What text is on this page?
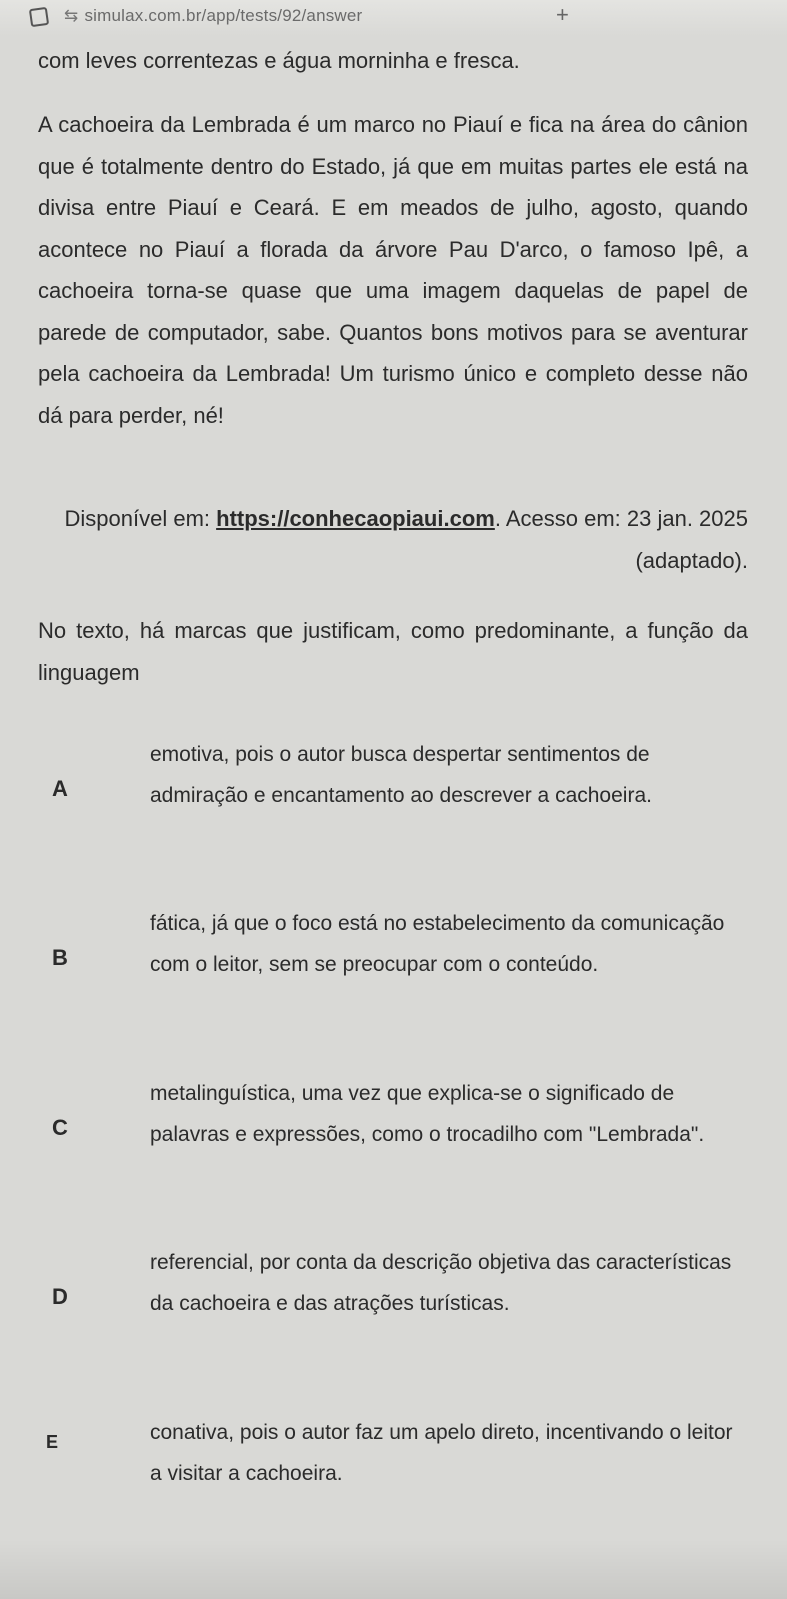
⇆ simulax.com.br/app/tests/92/answer	+

com leves correntezas e água morninha e fresca.

A cachoeira da Lembrada é um marco no Piauí e fica na área do cânion que é totalmente dentro do Estado, já que em muitas partes ele está na divisa entre Piauí e Ceará. E em meados de julho, agosto, quando acontece no Piauí a florada da árvore Pau D'arco, o famoso Ipê, a cachoeira torna-se quase que uma imagem daquelas de papel de parede de computador, sabe. Quantos bons motivos para se aventurar pela cachoeira da Lembrada! Um turismo único e completo desse não dá para perder, né!

Disponível em: https://conhecaopiaui.com. Acesso em: 23 jan. 2025 (adaptado).

No texto, há marcas que justificam, como predominante, a função da linguagem

A

emotiva, pois o autor busca despertar sentimentos de admiração e encantamento ao descrever a cachoeira.

B

fática, já que o foco está no estabelecimento da comunicação com o leitor, sem se preocupar com o conteúdo.

C

metalinguística, uma vez que explica-se o significado de palavras e expressões, como o trocadilho com "Lembrada".

D

referencial, por conta da descrição objetiva das características da cachoeira e das atrações turísticas.

E	conativa, pois o autor faz um apelo direto, incentivando o leitor a visitar a cachoeira.
